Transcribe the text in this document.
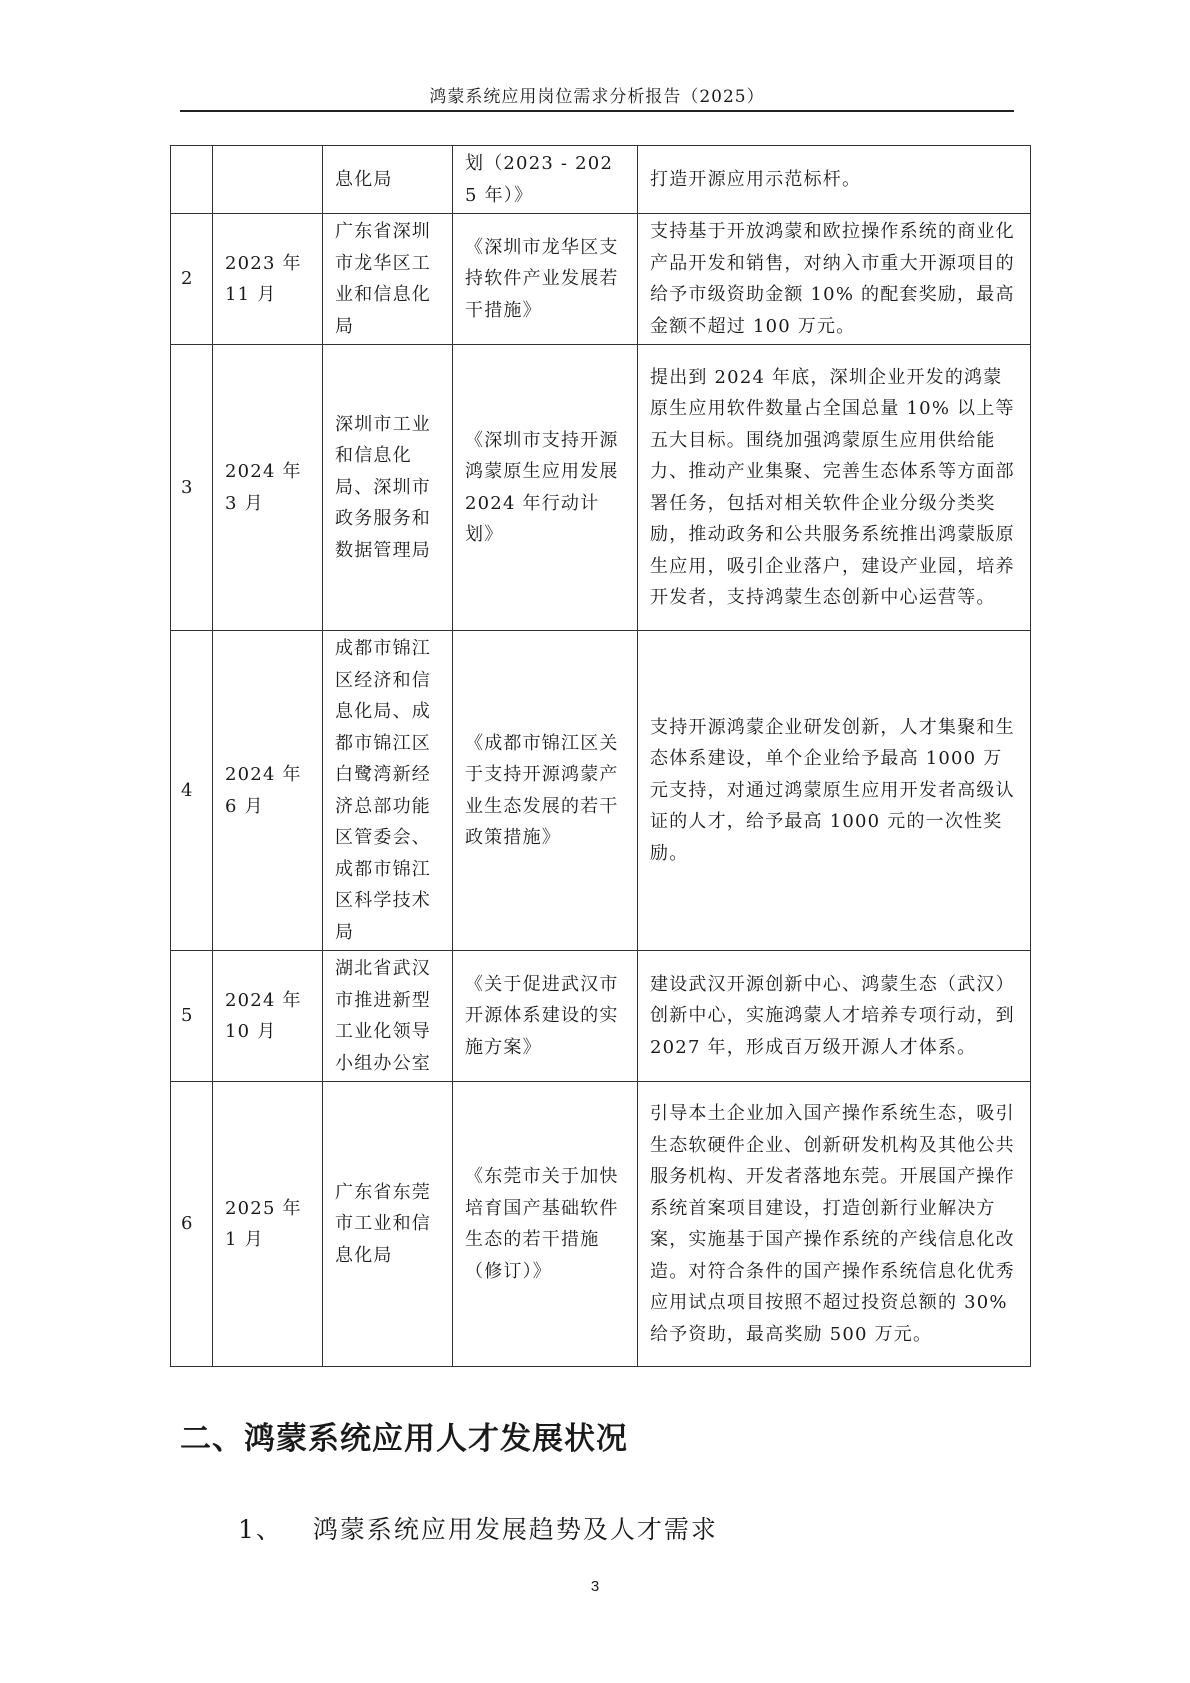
鸿蒙系统应用岗位需求分析报告（2025）
		息化局	划（2023 - 2025 年）》	打造开源应用示范标杆。
2	2023 年 11 月	广东省深圳市龙华区工业和信息化局	《深圳市龙华区支持软件产业发展若干措施》	支持基于开放鸿蒙和欧拉操作系统的商业化产品开发和销售，对纳入市重大开源项目的给予市级资助金额 10% 的配套奖励，最高金额不超过 100 万元。
3	2024 年 3 月	深圳市工业和信息化局、深圳市政务服务和数据管理局	《深圳市支持开源鸿蒙原生应用发展 2024 年行动计划》	提出到 2024 年底，深圳企业开发的鸿蒙原生应用软件数量占全国总量 10% 以上等五大目标。围绕加强鸿蒙原生应用供给能力、推动产业集聚、完善生态体系等方面部署任务，包括对相关软件企业分级分类奖励，推动政务和公共服务系统推出鸿蒙版原生应用，吸引企业落户，建设产业园，培养开发者，支持鸿蒙生态创新中心运营等。
4	2024 年 6 月	成都市锦江区经济和信息化局、成都市锦江区白鹭湾新经济总部功能区管委会、成都市锦江区科学技术局	《成都市锦江区关于支持开源鸿蒙产业生态发展的若干政策措施》	支持开源鸿蒙企业研发创新，人才集聚和生态体系建设，单个企业给予最高 1000 万元支持，对通过鸿蒙原生应用开发者高级认证的人才，给予最高 1000 元的一次性奖励。
5	2024 年 10 月	湖北省武汉市推进新型工业化领导小组办公室	《关于促进武汉市开源体系建设的实施方案》	建设武汉开源创新中心、鸿蒙生态（武汉）创新中心，实施鸿蒙人才培养专项行动，到 2027 年，形成百万级开源人才体系。
6	2025 年 1 月	广东省东莞市工业和信息化局	《东莞市关于加快培育国产基础软件生态的若干措施（修订）》	引导本土企业加入国产操作系统生态，吸引生态软硬件企业、创新研发机构及其他公共服务机构、开发者落地东莞。开展国产操作系统首案项目建设，打造创新行业解决方案，实施基于国产操作系统的产线信息化改造。对符合条件的国产操作系统信息化优秀应用试点项目按照不超过投资总额的 30%给予资助，最高奖励 500 万元。
二、鸿蒙系统应用人才发展状况
1、 鸿蒙系统应用发展趋势及人才需求
3
